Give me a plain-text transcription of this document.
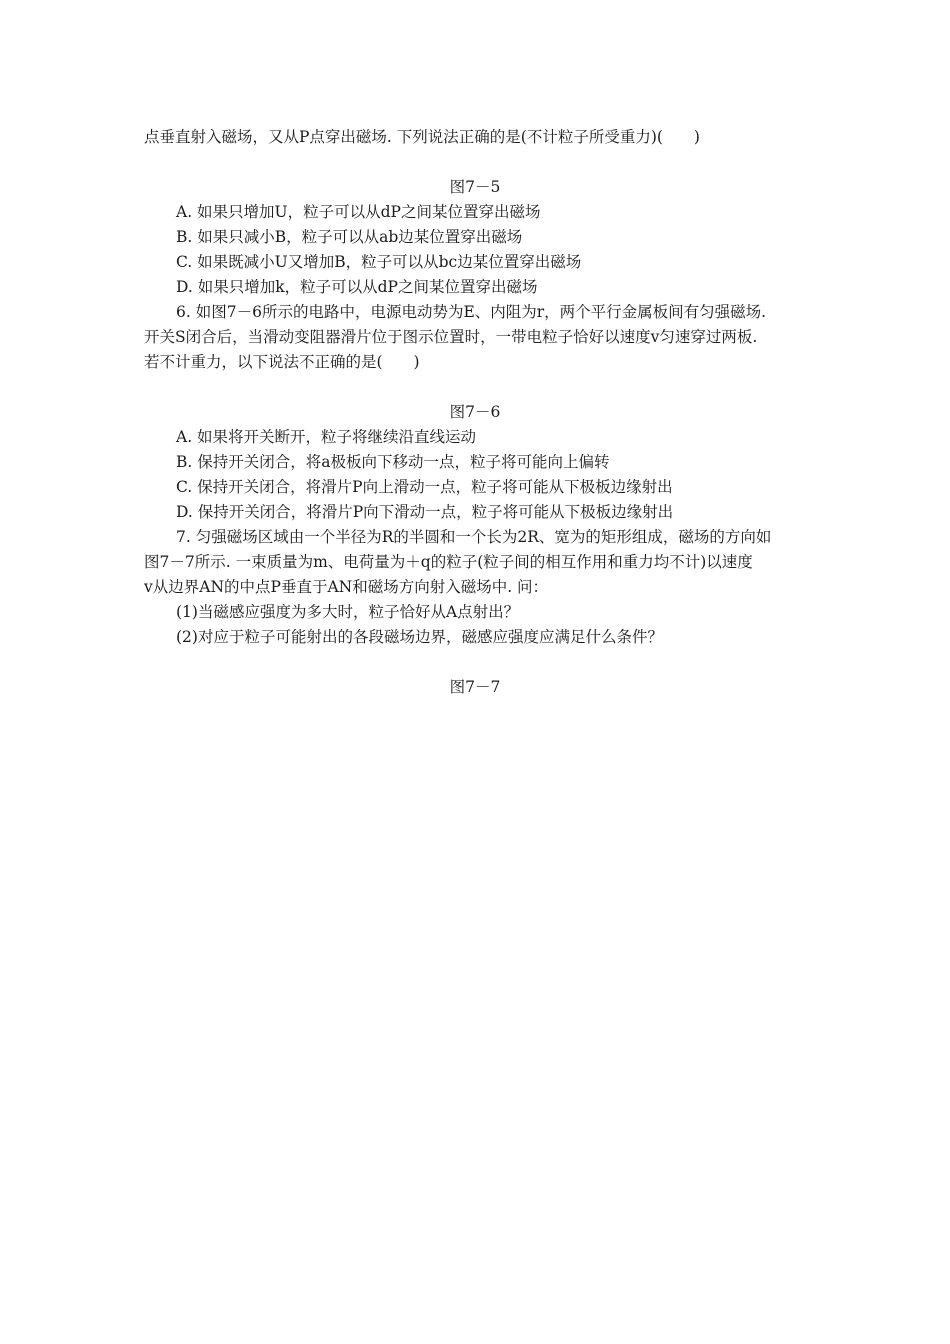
点垂直射入磁场，又从P点穿出磁场. 下列说法正确的是(不计粒子所受重力)(　　)
图7－5
A. 如果只增加U，粒子可以从dP之间某位置穿出磁场
B. 如果只减小B，粒子可以从ab边某位置穿出磁场
C. 如果既减小U又增加B，粒子可以从bc边某位置穿出磁场
D. 如果只增加k，粒子可以从dP之间某位置穿出磁场
6. 如图7－6所示的电路中，电源电动势为E、内阻为r，两个平行金属板间有匀强磁场.
开关S闭合后，当滑动变阻器滑片位于图示位置时，一带电粒子恰好以速度v匀速穿过两板.
若不计重力，以下说法不正确的是(　　)
图7－6
A. 如果将开关断开，粒子将继续沿直线运动
B. 保持开关闭合，将a极板向下移动一点，粒子将可能向上偏转
C. 保持开关闭合，将滑片P向上滑动一点，粒子将可能从下极板边缘射出
D. 保持开关闭合，将滑片P向下滑动一点，粒子将可能从下极板边缘射出
7. 匀强磁场区域由一个半径为R的半圆和一个长为2R、宽为的矩形组成，磁场的方向如
图7－7所示. 一束质量为m、电荷量为＋q的粒子(粒子间的相互作用和重力均不计)以速度
v从边界AN的中点P垂直于AN和磁场方向射入磁场中. 问：
(1)当磁感应强度为多大时，粒子恰好从A点射出？
(2)对应于粒子可能射出的各段磁场边界，磁感应强度应满足什么条件？
图7－7
